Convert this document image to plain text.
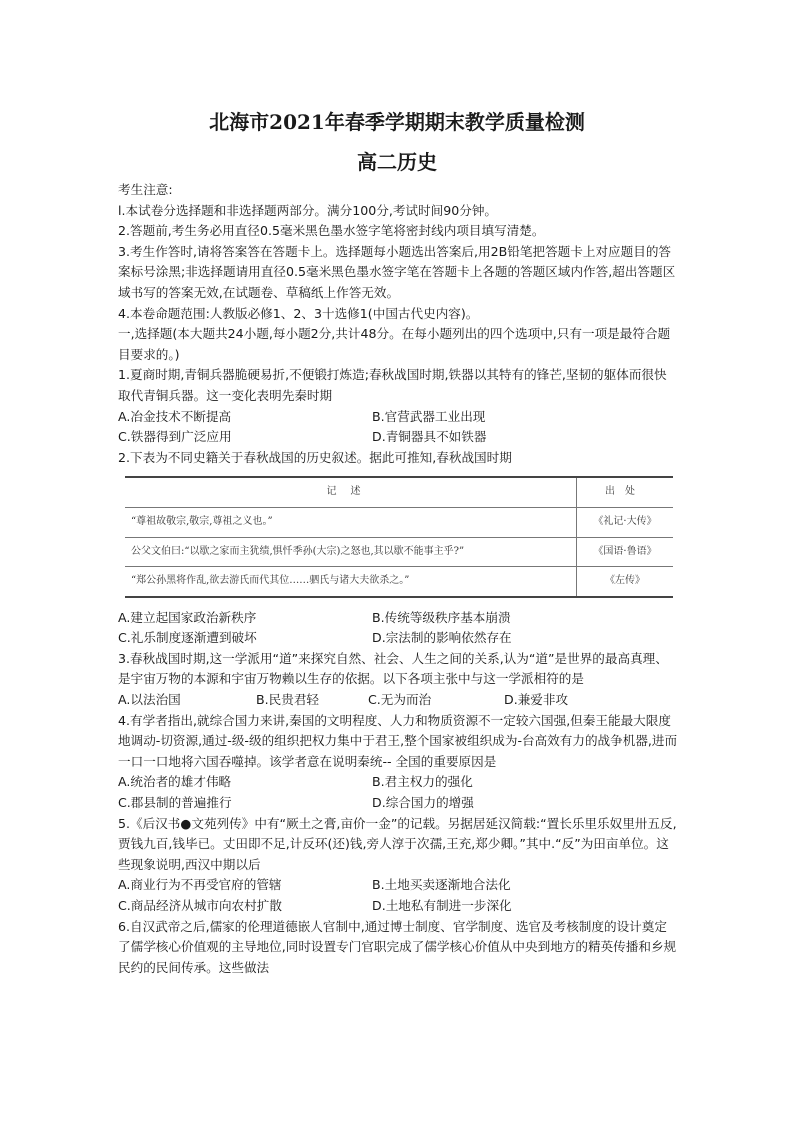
北海市2021年春季学期期末教学质量检测
高二历史

考生注意:

l.本试卷分选择题和非选择题两部分。满分100分,考试时间90分钟。

2.答题前,考生务必用直径0.5毫米黑色墨水签字笔将密封线内项目填写清楚。

3.考生作答时,请将答案答在答题卡上。选择题每小题选出答案后,用2B铅笔把答题卡上对应题目的答案标号涂黑;非选择题请用直径0.5毫米黑色墨水签字笔在答题卡上各题的答题区域内作答,超出答题区域书写的答案无效,在试题卷、草稿纸上作答无效。

4.本卷命题范围:人教版必修1、2、3十选修1(中国古代史内容)。

一,选择题(本大题共24小题,每小题2分,共计48分。在每小题列出的四个选项中,只有一项是最符合题目要求的。)

1.夏商时期,青铜兵器脆硬易折,不便锻打炼造;春秋战国时期,铁器以其特有的锋芒,坚韧的躯体而很快取代青铜兵器。这一变化表明先秦时期

A.冶金技术不断提高	B.官营武器工业出现
C.铁器得到广泛应用	D.青铜器具不如铁器

2.下表为不同史籍关于春秋战国的历史叙述。据此可推知,春秋战国时期

记述	出处
“尊祖故敬宗,敬宗,尊祖之义也。”	《礼记·大传》
公父文伯曰:“以歇之家而主犹绩,惧忏季孙(大宗)之怒也,其以歇不能事主乎?”	《国语·鲁语》
“郑公孙黑将作乱,欲去游氏而代其位……驷氏与诸大夫欲杀之。”	《左传》
A.建立起国家政治新秩序	B.传统等级秩序基本崩溃
C.礼乐制度逐渐遭到破坏	D.宗法制的影响依然存在

3.春秋战国时期,这一学派用“道”来探究自然、社会、人生之间的关系,认为“道”是世界的最高真理、是宇宙万物的本源和宇宙万物赖以生存的依据。以下各项主张中与这一学派相符的是

A.以法治国	B.民贵君轻	C.无为而治	D.兼爱非攻

4.有学者指出,就综合国力来讲,秦国的文明程度、人力和物质资源不一定较六国强,但秦王能最大限度地调动-切资源,通过-级-级的组织把权力集中于君王,整个国家被组织成为-台高效有力的战争机器,进而一口一口地将六国吞噬掉。该学者意在说明秦统-- 全国的重要原因是

A.统治者的雄才伟略	B.君主权力的强化
C.郡县制的普遍推行	D.综合国力的增强

5.《后汉书●文苑列传》中有“厥土之膏,亩价一金”的记载。另据居延汉简载:“置长乐里乐奴里卅五反,贾钱九百,钱毕已。丈田即不足,计反环(还)钱,旁人淳于次孺,王充,郑少卿。”其中.“反”为田亩单位。这些现象说明,西汉中期以后

A.商业行为不再受官府的管辖	B.土地买卖逐渐地合法化
C.商品经济从城市向农村扩散	D.土地私有制进一步深化

6.自汉武帝之后,儒家的伦理道德嵌人官制中,通过博士制度、官学制度、选官及考核制度的设计奠定了儒学核心价值观的主导地位,同时设置专门官职完成了儒学核心价值从中央到地方的精英传播和乡规民约的民间传承。这些做法
